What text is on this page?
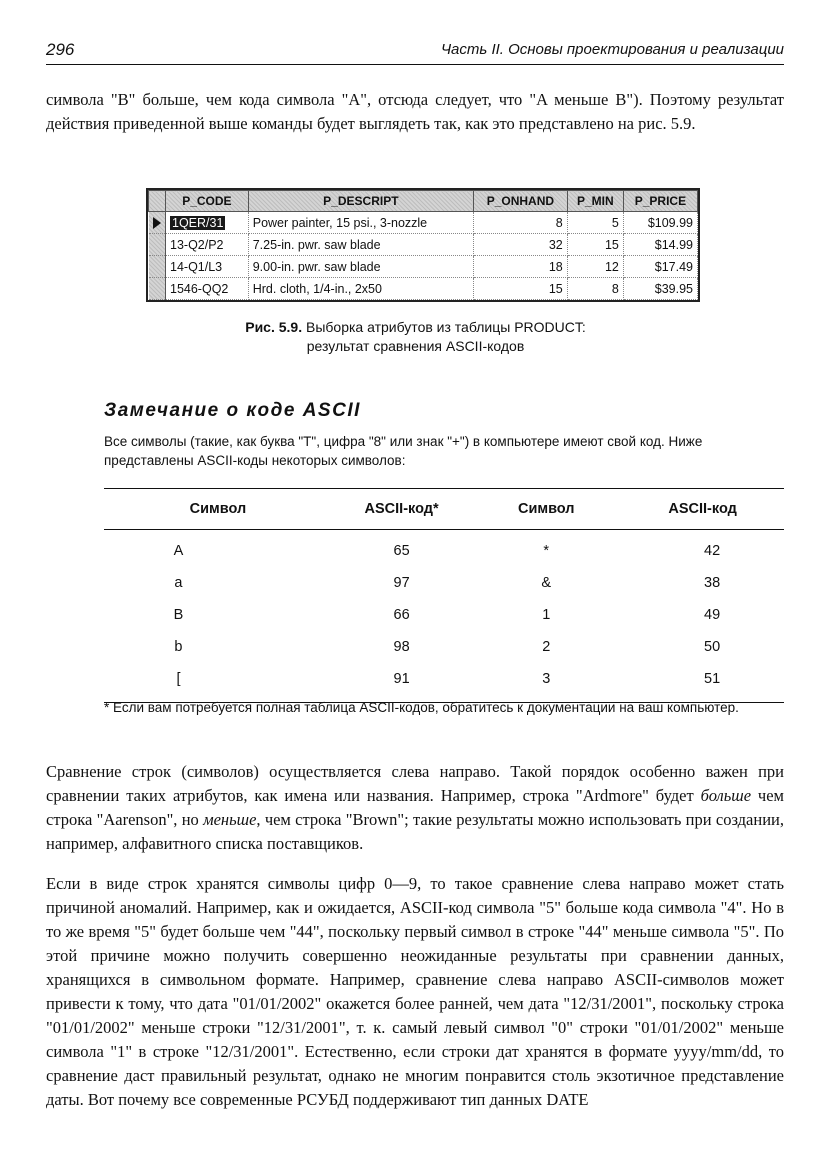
296	Часть II. Основы проектирования и реализации

символа "B" больше, чем кода символа "A", отсюда следует, что "A меньше B"). Поэтому результат действия приведенной выше команды будет выглядеть так, как это представлено на рис. 5.9.

	P_CODE	P_DESCRIPT	P_ONHAND	P_MIN	P_PRICE
	1QER/31	Power painter, 15 psi., 3-nozzle	8	5	$109.99
	13-Q2/P2	7.25-in. pwr. saw blade	32	15	$14.99
	14-Q1/L3	9.00-in. pwr. saw blade	18	12	$17.49
	1546-QQ2	Hrd. cloth, 1/4-in., 2x50	15	8	$39.95
Рис. 5.9. Выборка атрибутов из таблицы PRODUCT:
результат сравнения ASCII-кодов
Замечание о коде ASCII

Все символы (такие, как буква "T", цифра "8" или знак "+") в компьютере имеют свой код. Ниже представлены ASCII-коды некоторых символов:

Символ	ASCII-код*	Символ	ASCII-код
A	65	*	42
a	97	&	38
B	66	1	49
b	98	2	50
[	91	3	51

* Если вам потребуется полная таблица ASCII-кодов, обратитесь к документации на ваш компьютер.

Сравнение строк (символов) осуществляется слева направо. Такой порядок особенно важен при сравнении таких атрибутов, как имена или названия. Например, строка "Ardmore" будет больше чем строка "Aarenson", но меньше, чем строка "Brown"; такие результаты можно использовать при создании, например, алфавитного списка поставщиков.

Если в виде строк хранятся символы цифр 0—9, то такое сравнение слева направо может стать причиной аномалий. Например, как и ожидается, ASCII-код символа "5" больше кода символа "4". Но в то же время "5" будет больше чем "44", поскольку первый символ в строке "44" меньше символа "5". По этой причине можно получить совершенно неожиданные результаты при сравнении данных, хранящихся в символьном формате. Например, сравнение слева направо ASCII-символов может привести к тому, что дата "01/01/2002" окажется более ранней, чем дата "12/31/2001", поскольку строка "01/01/2002" меньше строки "12/31/2001", т. к. самый левый символ "0" строки "01/01/2002" меньше символа "1" в строке "12/31/2001". Естественно, если строки дат хранятся в формате yyyy/mm/dd, то сравнение даст правильный результат, однако не многим понравится столь экзотичное представление даты. Вот почему все современные РСУБД поддерживают тип данных DATE
